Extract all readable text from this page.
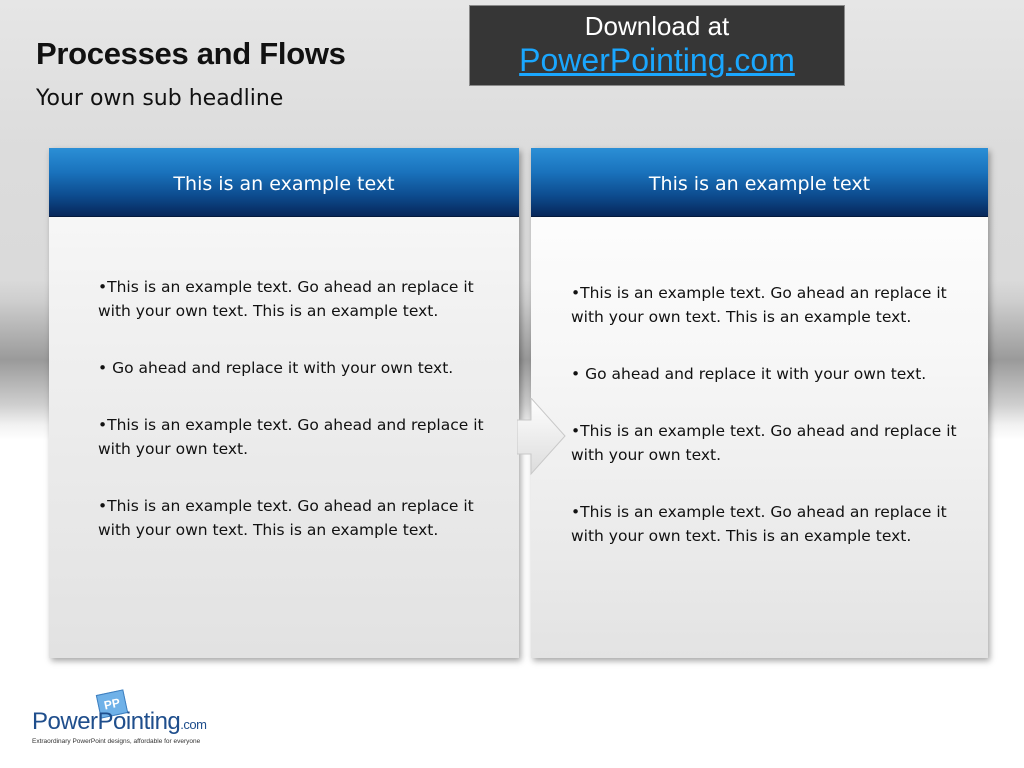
Processes and Flows
Your own sub headline
Download at
PowerPointing.com
This is an example text

•This is an example text. Go ahead an replace it with your own text. This is an example text.

• Go ahead and replace it with your own text.

•This is an example text. Go ahead and replace it with your own text.

•This is an example text. Go ahead an replace it with your own text. This is an example text.

This is an example text

•This is an example text. Go ahead an replace it with your own text. This is an example text.

• Go ahead and replace it with your own text.

•This is an example text. Go ahead and replace it with your own text.

•This is an example text. Go ahead an replace it with your own text. This is an example text.

PP
PowerPointing.com
Extraordinary PowerPoint designs, affordable for everyone
